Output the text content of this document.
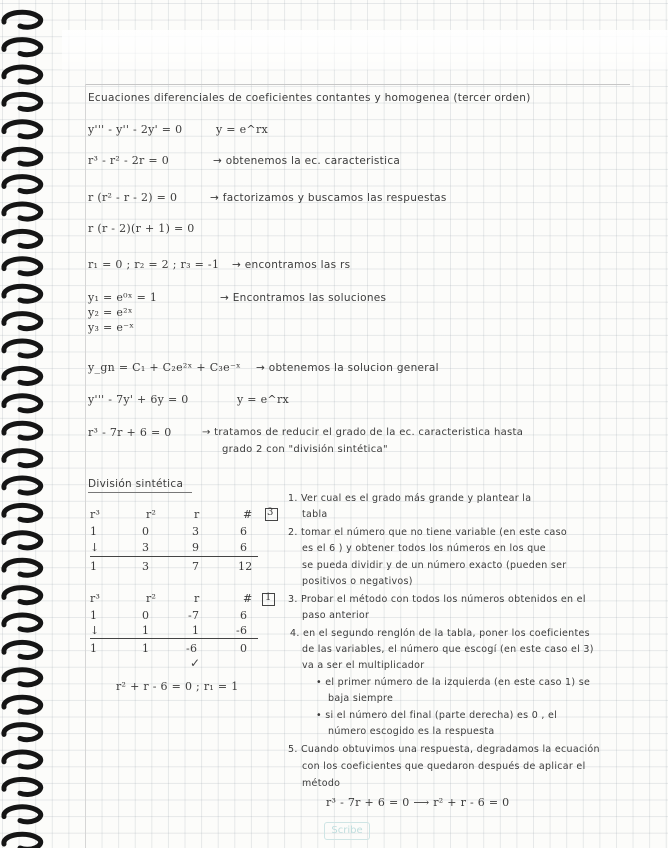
Ecuaciones diferenciales de coeficientes contantes y homogenea (tercer orden)
y''' - y'' - 2y' = 0	y = e^rx
r³ - r² - 2r = 0	→ obtenemos la ec. caracteristica
r (r² - r - 2) = 0	→ factorizamos y buscamos las respuestas
r (r - 2)(r + 1) = 0
r₁ = 0 ; r₂ = 2 ; r₃ = -1 → encontramos las rs
y₁ = e⁰ˣ = 1
y₂ = e²ˣ
y₃ = e⁻ˣ
→ Encontramos las soluciones
y_gn = C₁ + C₂e²ˣ + C₃e⁻ˣ → obtenemos la solucion general
y''' - 7y' + 6y = 0	y = e^rx
r³ - 7r + 6 = 0	→ tratamos de reducir el grado de la ec. caracteristica hasta
grado 2 con "división sintética"
División sintética
r³	r²	r	# 3
1	0	3	6
↓	3	9	6
1	3	7	12
r³	r²	r	# 1
1	0	-7	6
↓	1	1	-6
1	1	-6	0
✓
r² + r - 6 = 0 ; r₁ = 1
1. Ver cual es el grado más grande y plantear la
tabla
2. tomar el número que no tiene variable (en este caso
es el 6 ) y obtener todos los números en los que
se pueda dividir y de un número exacto (pueden ser
positivos o negativos)
3. Probar el método con todos los números obtenidos en el
paso anterior
4. en el segundo renglón de la tabla, poner los coeficientes
de las variables, el número que escogí (en este caso el 3)
va a ser el multiplicador
• el primer número de la izquierda (en este caso 1) se
baja siempre
• si el número del final (parte derecha) es 0 , el
número escogido es la respuesta
5. Cuando obtuvimos una respuesta, degradamos la ecuación
con los coeficientes que quedaron después de aplicar el
método
r³ - 7r + 6 = 0 ⟶ r² + r - 6 = 0
Scribe
